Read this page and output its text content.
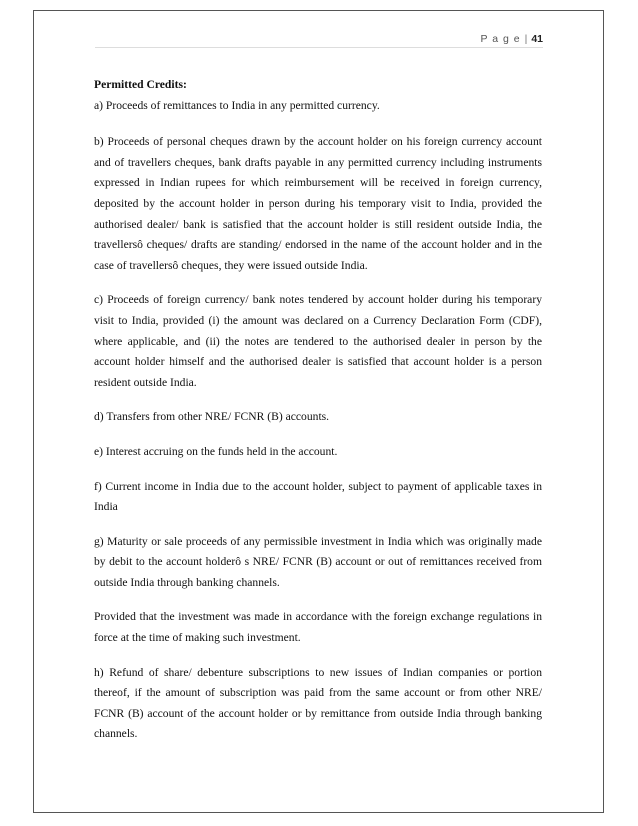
P a g e | 41

Permitted Credits:

a) Proceeds of remittances to India in any permitted currency.

b) Proceeds of personal cheques drawn by the account holder on his foreign currency account and of travellers cheques, bank drafts payable in any permitted currency including instruments expressed in Indian rupees for which reimbursement will be received in foreign currency, deposited by the account holder in person during his temporary visit to India, provided the authorised dealer/ bank is satisfied that the account holder is still resident outside India, the travellersô cheques/ drafts are standing/ endorsed in the name of the account holder and in the case of travellersô cheques, they were issued outside India.

c) Proceeds of foreign currency/ bank notes tendered by account holder during his temporary visit to India, provided (i) the amount was declared on a Currency Declaration Form (CDF), where applicable, and (ii) the notes are tendered to the authorised dealer in person by the account holder himself and the authorised dealer is satisfied that account holder is a person resident outside India.

d) Transfers from other NRE/ FCNR (B) accounts.

e) Interest accruing on the funds held in the account.

f) Current income in India due to the account holder, subject to payment of applicable taxes in India

g) Maturity or sale proceeds of any permissible investment in India which was originally made by debit to the account holderô s NRE/ FCNR (B) account or out of remittances received from outside India through banking channels.

Provided that the investment was made in accordance with the foreign exchange regulations in force at the time of making such investment.

h) Refund of share/ debenture subscriptions to new issues of Indian companies or portion thereof, if the amount of subscription was paid from the same account or from other NRE/ FCNR (B) account of the account holder or by remittance from outside India through banking channels.
